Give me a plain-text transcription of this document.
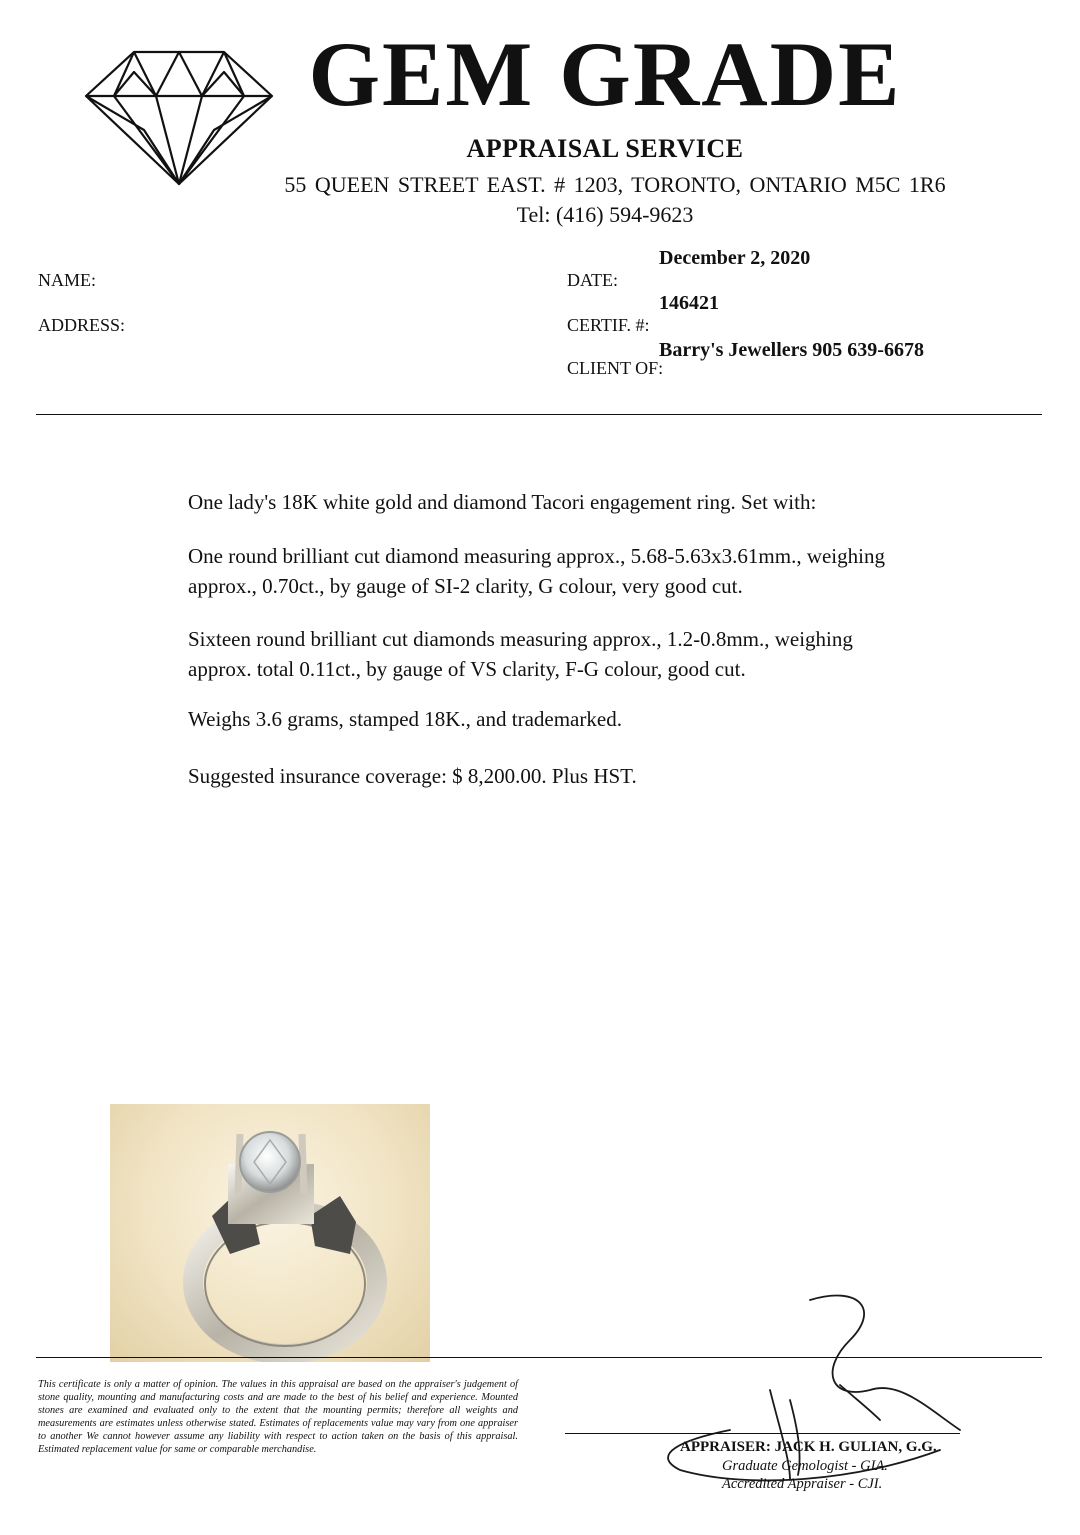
GEM GRADE
APPRAISAL SERVICE
55 QUEEN STREET EAST. # 1203, TORONTO, ONTARIO M5C 1R6
Tel: (416) 594-9623
NAME:
ADDRESS:
DATE:
December 2, 2020
CERTIF. #:
146421
CLIENT OF:
Barry's Jewellers 905 639-6678
One lady's 18K white gold and diamond Tacori engagement ring. Set with:
One round brilliant cut diamond measuring approx., 5.68-5.63x3.61mm., weighing approx., 0.70ct., by gauge of SI-2 clarity, G colour, very good cut.
Sixteen round brilliant cut diamonds measuring approx., 1.2-0.8mm., weighing approx. total 0.11ct., by gauge of VS clarity, F-G colour, good cut.
Weighs 3.6 grams, stamped 18K., and trademarked.
Suggested insurance coverage: $ 8,200.00. Plus HST.
This certificate is only a matter of opinion. The values in this appraisal are based on the appraiser's judgement of stone quality, mounting and manufacturing costs and are made to the best of his belief and experience. Mounted stones are examined and evaluated only to the extent that the mounting permits; therefore all weights and measurements are estimates unless otherwise stated. Estimates of replacements value may vary from one appraiser to another We cannot however assume any liability with respect to action taken on the basis of this appraisal. Estimated replacement value for same or comparable merchandise.	APPRAISER: JACK H. GULIAN, G.G.
Graduate Gemologist - GIA.
Accredited Appraiser - CJI.
